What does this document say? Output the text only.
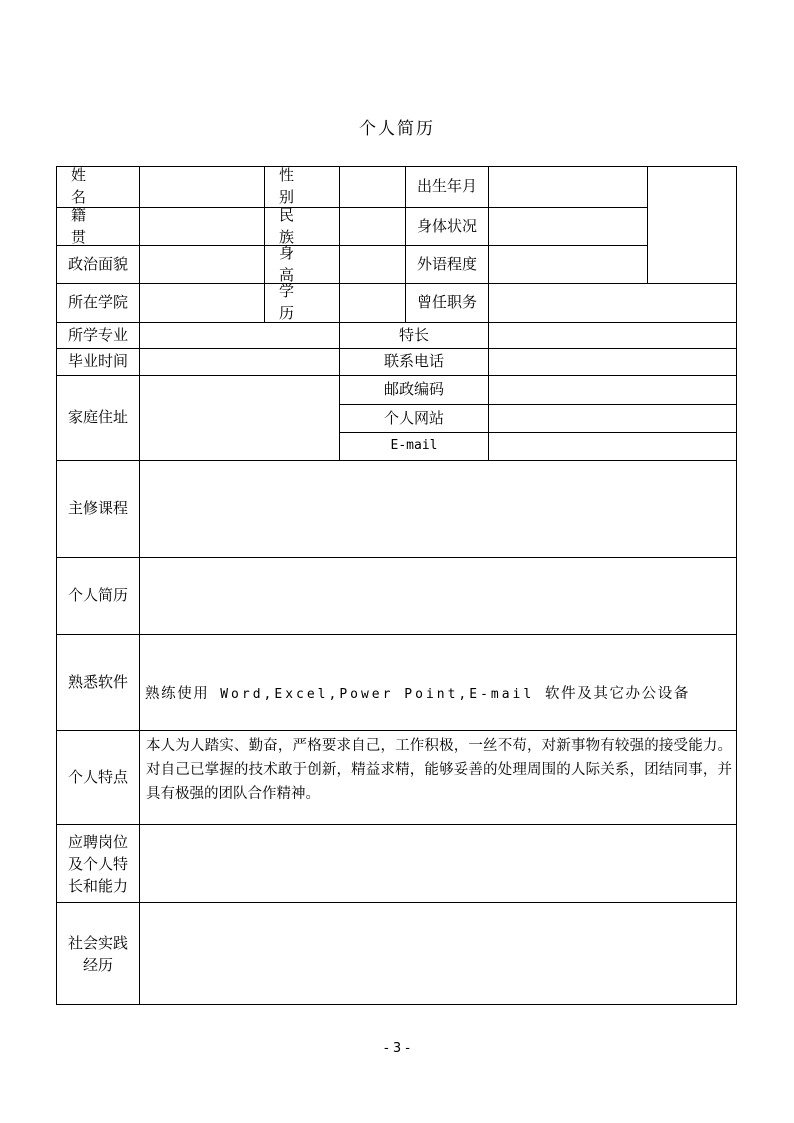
个人简历
姓　名
性　别
出生年月
籍　贯
民　族
身体状况
政治面貌
身　高
外语程度
所在学院
学　历
曾任职务
所学专业	特长
毕业时间	联系电话
家庭住址
邮政编码
个人网站
E-mail
主修课程
个人简历
熟悉软件
个人特点
应聘岗位
及个人特
长和能力
社会实践
经历
熟练使用 Word,Excel,Power Point,E-mail 软件及其它办公设备
本人为人踏实、勤奋，严格要求自己，工作积极，一丝不苟，对新事物有较强的接受能力。对自己已掌握的技术敢于创新，精益求精，能够妥善的处理周围的人际关系，团结同事，并具有极强的团队合作精神。
- 3 -
